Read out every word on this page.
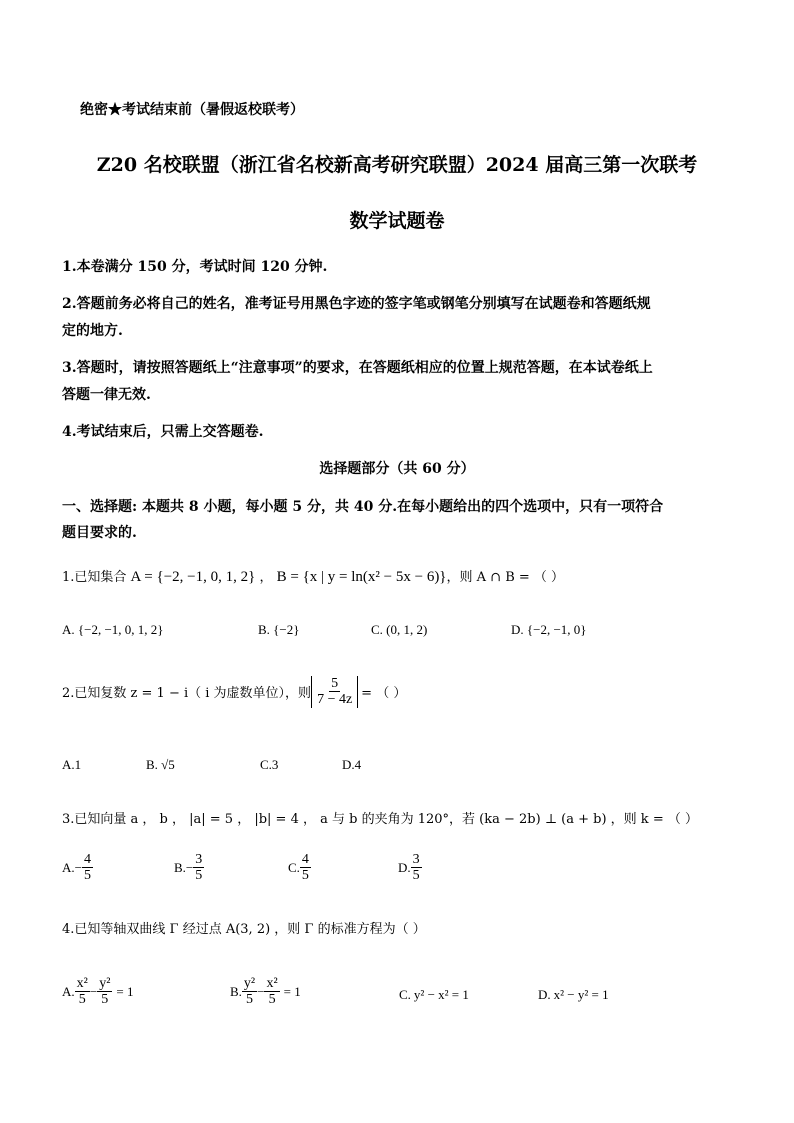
绝密★考试结束前（暑假返校联考）
Z20 名校联盟（浙江省名校新高考研究联盟）2024 届高三第一次联考
数学试题卷
1.本卷满分 150 分，考试时间 120 分钟.
2.答题前务必将自己的姓名，准考证号用黑色字迹的签字笔或钢笔分别填写在试题卷和答题纸规
定的地方.
3.答题时，请按照答题纸上“注意事项”的要求，在答题纸相应的位置上规范答题，在本试卷纸上
答题一律无效.
4.考试结束后，只需上交答题卷.
选择题部分（共 60 分）
一、选择题: 本题共 8 小题，每小题 5 分，共 40 分.在每小题给出的四个选项中，只有一项符合
题目要求的.
1.已知集合 A = {−2, −1, 0, 1, 2} ， B = {x | y = ln(x² − 5x − 6)}，则 A ∩ B = （ ）
A. {−2, −1, 0, 1, 2}	B. {−2}	C. (0, 1, 2)	D. {−2, −1, 0}
2.已知复数 z = 1 − i（ i 为虚数单位），则 $\frac{5}{7 - 4z}$ = （ ）
A.1	B. √5	C.3	D.4
3.已知向量 a ， b ， |a| = 5 ， |b| = 4 ， a 与 b 的夹角为 120°，若 (ka − 2b) ⊥ (a + b) ，则 k = （ ）
A. − $\frac{4}{5}$	B. − $\frac{3}{5}$	C. $\frac{4}{5}$	D. $\frac{3}{5}$
4.已知等轴双曲线 Γ 经过点 A(3, 2) ，则 Γ 的标准方程为（ ）
A. $\frac{\text{x²}}{5} - \frac{\text{y²}}{5} = 1$	B. $\frac{\text{y²}}{5} - \frac{\text{x²}}{5} = 1$	C. y² − x² = 1	D. x² − y² = 1
